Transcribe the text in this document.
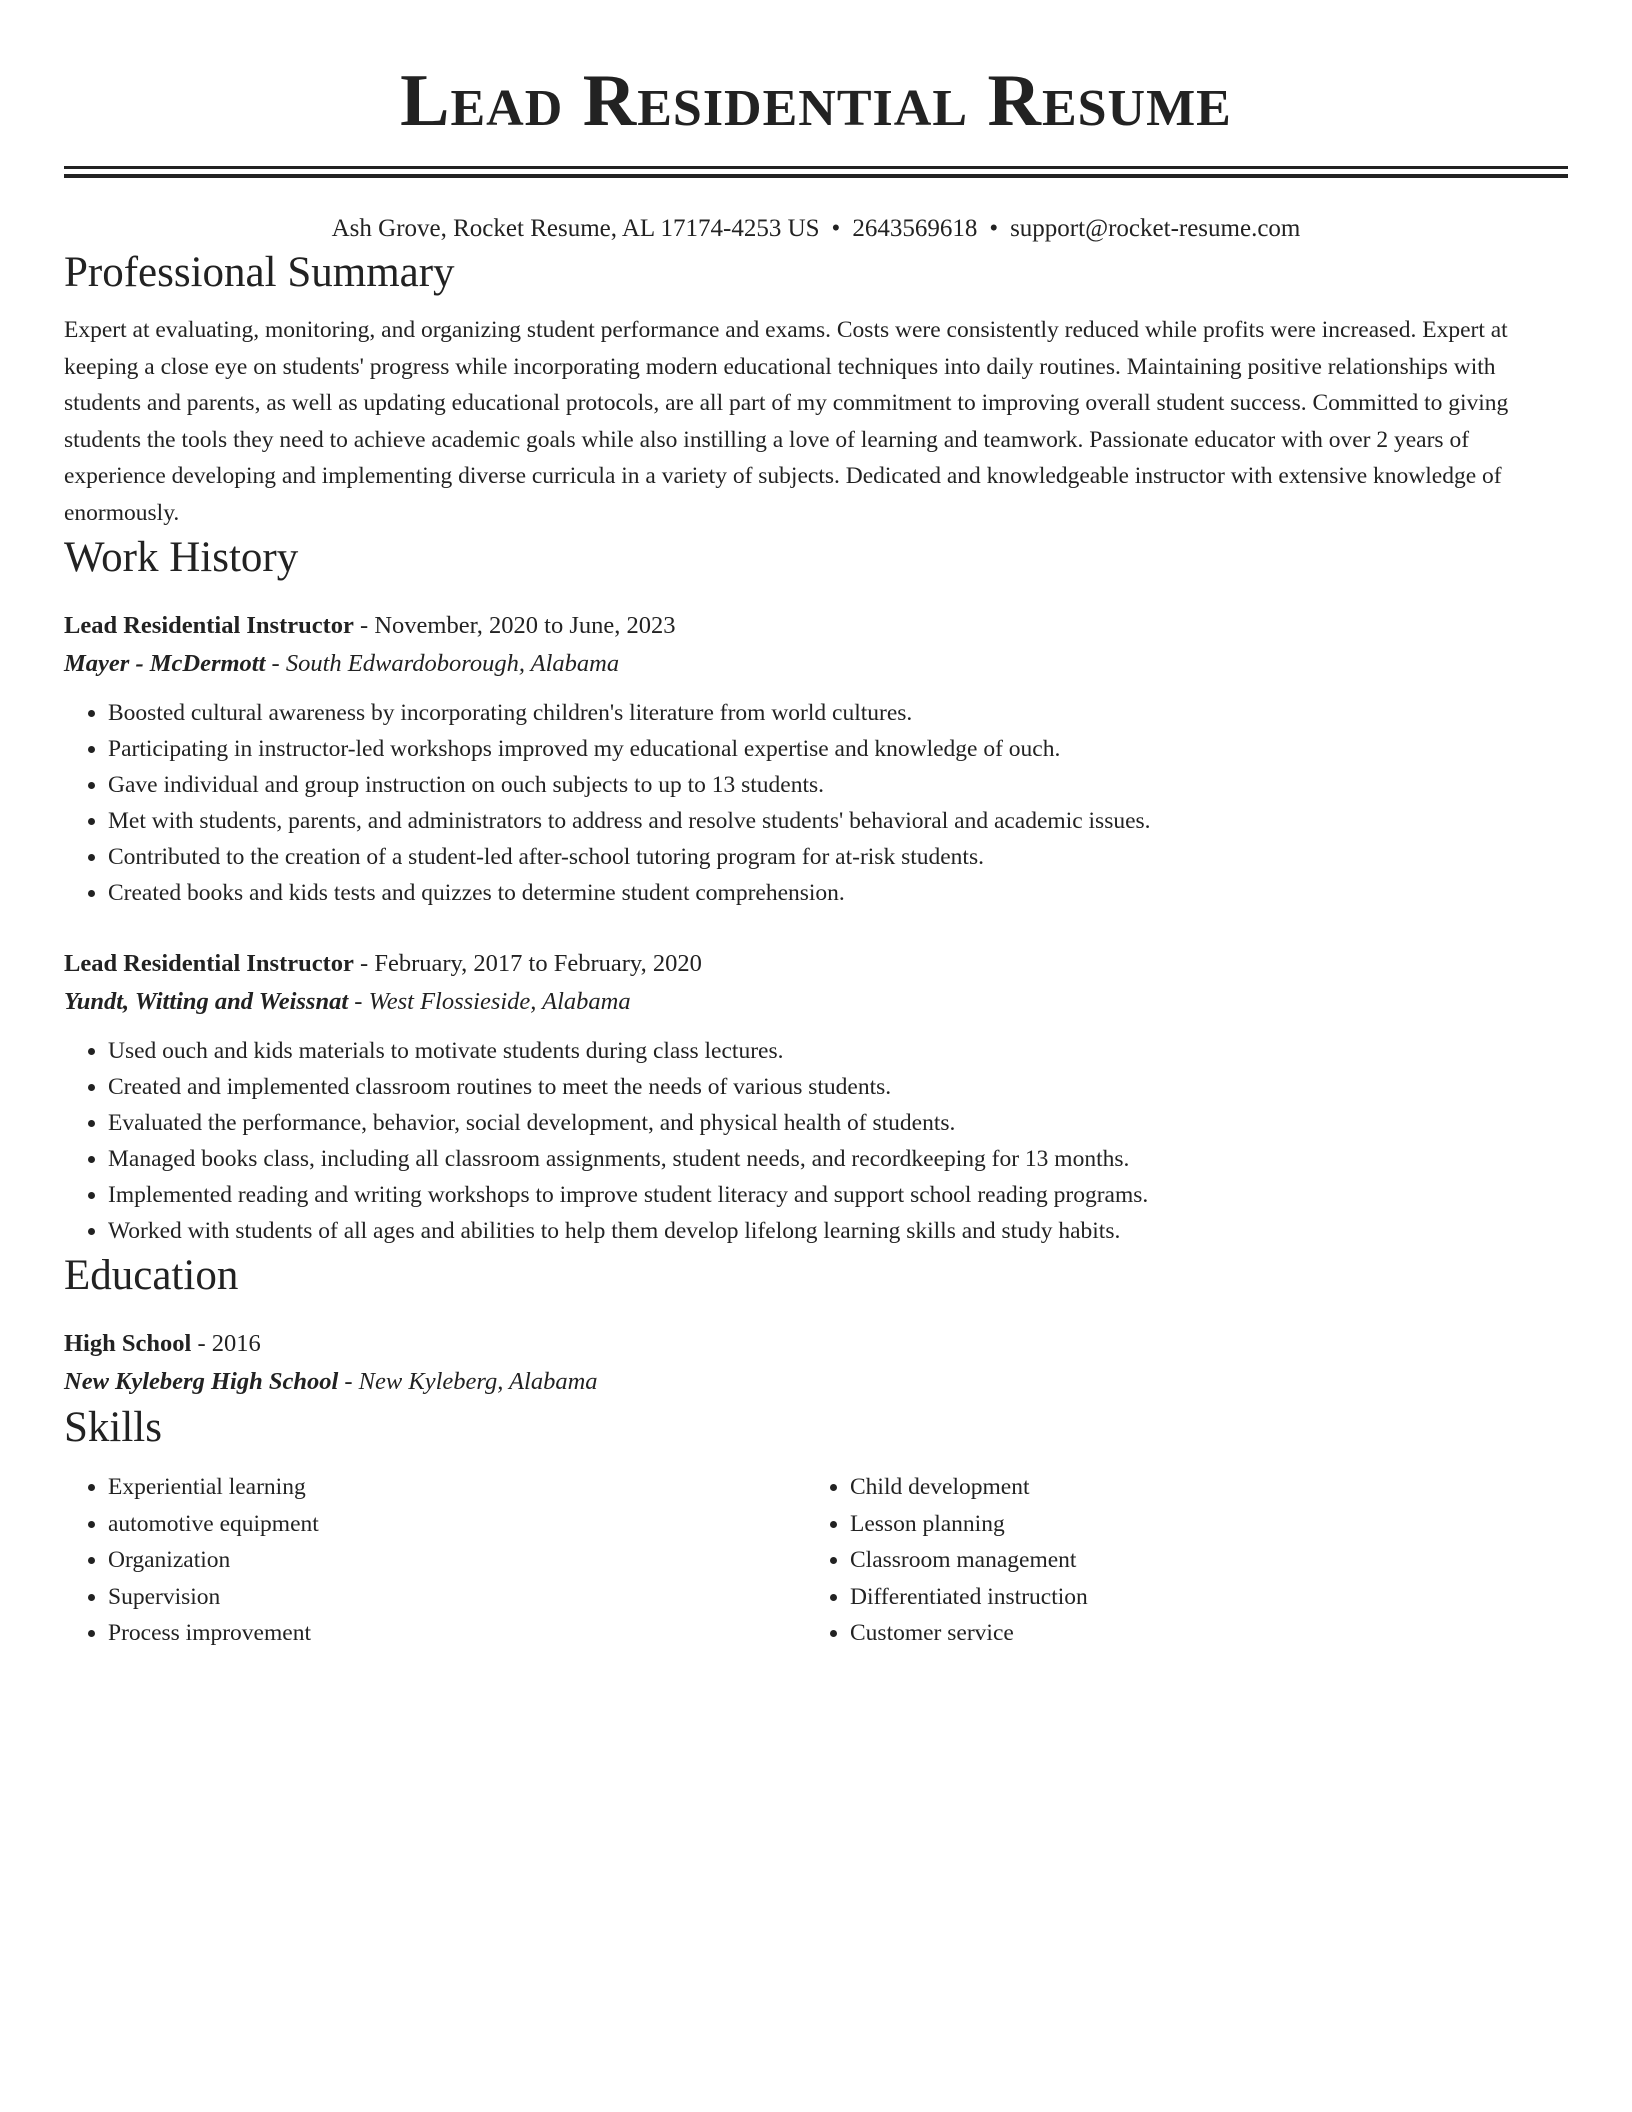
Lead Residential Resume
Ash Grove, Rocket Resume, AL 17174-4253 US • 2643569618 • support@rocket-resume.com
Professional Summary
Expert at evaluating, monitoring, and organizing student performance and exams. Costs were consistently reduced while profits were increased. Expert at keeping a close eye on students' progress while incorporating modern educational techniques into daily routines. Maintaining positive relationships with students and parents, as well as updating educational protocols, are all part of my commitment to improving overall student success. Committed to giving students the tools they need to achieve academic goals while also instilling a love of learning and teamwork. Passionate educator with over 2 years of experience developing and implementing diverse curricula in a variety of subjects. Dedicated and knowledgeable instructor with extensive knowledge of enormously.
Work History
Lead Residential Instructor - November, 2020 to June, 2023
Mayer - McDermott - South Edwardoborough, Alabama
• Boosted cultural awareness by incorporating children's literature from world cultures.
• Participating in instructor-led workshops improved my educational expertise and knowledge of ouch.
• Gave individual and group instruction on ouch subjects to up to 13 students.
• Met with students, parents, and administrators to address and resolve students' behavioral and academic issues.
• Contributed to the creation of a student-led after-school tutoring program for at-risk students.
• Created books and kids tests and quizzes to determine student comprehension.
Lead Residential Instructor - February, 2017 to February, 2020
Yundt, Witting and Weissnat - West Flossieside, Alabama
• Used ouch and kids materials to motivate students during class lectures.
• Created and implemented classroom routines to meet the needs of various students.
• Evaluated the performance, behavior, social development, and physical health of students.
• Managed books class, including all classroom assignments, student needs, and recordkeeping for 13 months.
• Implemented reading and writing workshops to improve student literacy and support school reading programs.
• Worked with students of all ages and abilities to help them develop lifelong learning skills and study habits.
Education
High School - 2016
New Kyleberg High School - New Kyleberg, Alabama
Skills
• Experiential learning
• automotive equipment
• Organization
• Supervision
• Process improvement
• Child development
• Lesson planning
• Classroom management
• Differentiated instruction
• Customer service
